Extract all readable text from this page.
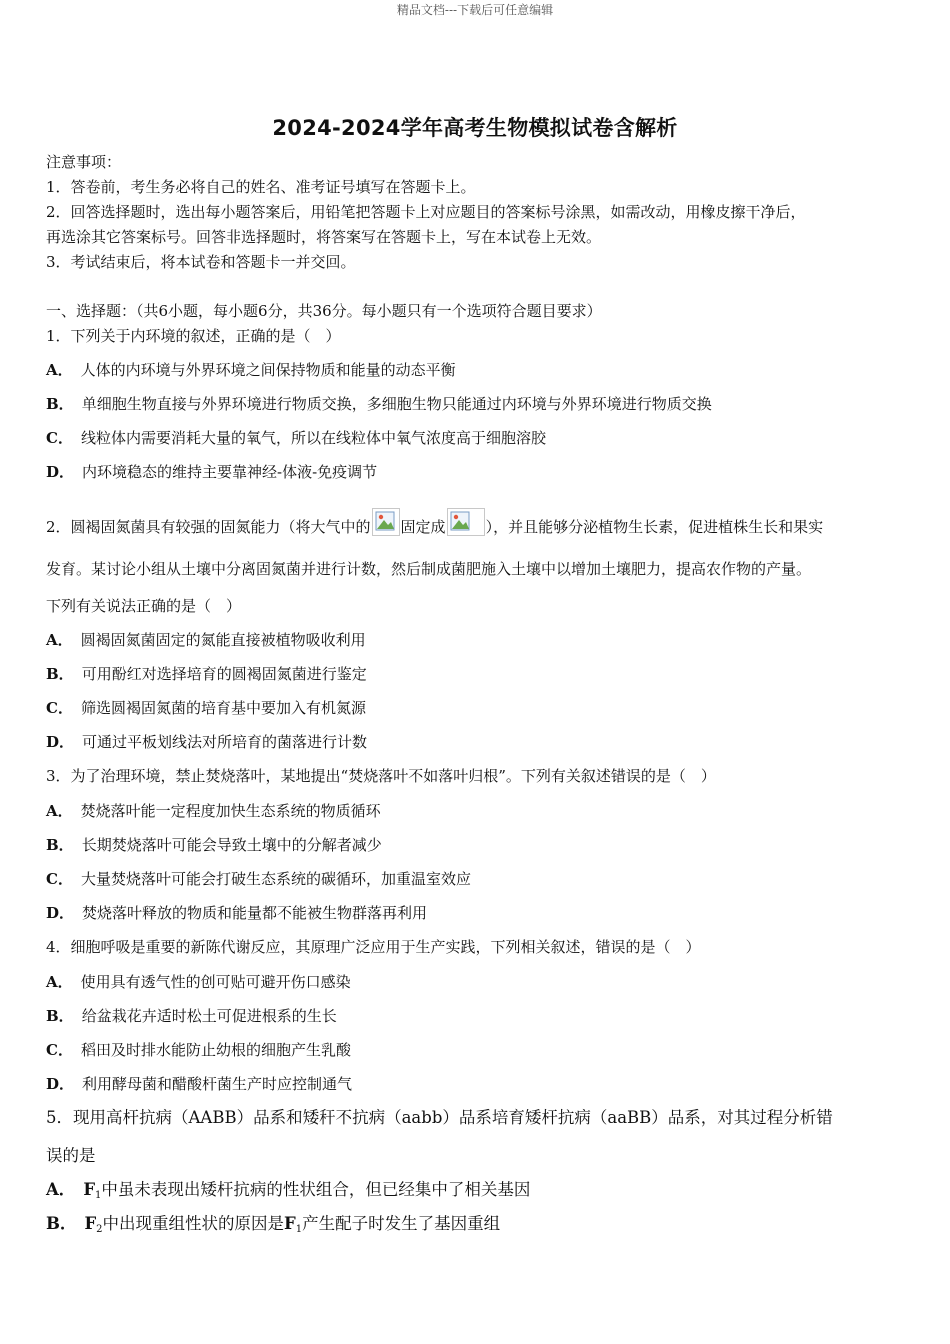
精品文档---下载后可任意编辑
2024-2024学年高考生物模拟试卷含解析
注意事项：
1．答卷前，考生务必将自己的姓名、准考证号填写在答题卡上。
2．回答选择题时，选出每小题答案后，用铅笔把答题卡上对应题目的答案标号涂黑，如需改动，用橡皮擦干净后，
再选涂其它答案标号。回答非选择题时，将答案写在答题卡上，写在本试卷上无效。
3．考试结束后，将本试卷和答题卡一并交回。
一、选择题：（共6小题，每小题6分，共36分。每小题只有一个选项符合题目要求）
1．下列关于内环境的叙述，正确的是（　）
A． 人体的内环境与外界环境之间保持物质和能量的动态平衡
B． 单细胞生物直接与外界环境进行物质交换，多细胞生物只能通过内环境与外界环境进行物质交换
C． 线粒体内需要消耗大量的氧气，所以在线粒体中氧气浓度高于细胞溶胶
D． 内环境稳态的维持主要靠神经-体液-免疫调节
2．圆褐固氮菌具有较强的固氮能力（将大气中的 固定成	），并且能够分泌植物生长素，促进植株生长和果实
发育。某讨论小组从土壤中分离固氮菌并进行计数，然后制成菌肥施入土壤中以增加土壤肥力，提高农作物的产量。
下列有关说法正确的是（　）
A． 圆褐固氮菌固定的氮能直接被植物吸收利用
B． 可用酚红对选择培育的圆褐固氮菌进行鉴定
C． 筛选圆褐固氮菌的培育基中要加入有机氮源
D． 可通过平板划线法对所培育的菌落进行计数
3．为了治理环境，禁止焚烧落叶，某地提出“焚烧落叶不如落叶归根”。下列有关叙述错误的是（　）
A． 焚烧落叶能一定程度加快生态系统的物质循环
B． 长期焚烧落叶可能会导致土壤中的分解者减少
C． 大量焚烧落叶可能会打破生态系统的碳循环，加重温室效应
D． 焚烧落叶释放的物质和能量都不能被生物群落再利用
4．细胞呼吸是重要的新陈代谢反应，其原理广泛应用于生产实践，下列相关叙述，错误的是（　）
A． 使用具有透气性的创可贴可避开伤口感染
B． 给盆栽花卉适时松土可促进根系的生长
C． 稻田及时排水能防止幼根的细胞产生乳酸
D． 利用酵母菌和醋酸杆菌生产时应控制通气
5．现用高杆抗病（AABB）品系和矮秆不抗病（aabb）品系培育矮杆抗病（aaBB）品系，对其过程分析错
误的是
A． $F_1$中虽未表现出矮杆抗病的性状组合，但已经集中了相关基因
B． $F_2$中出现重组性状的原因是$F_1$产生配子时发生了基因重组
